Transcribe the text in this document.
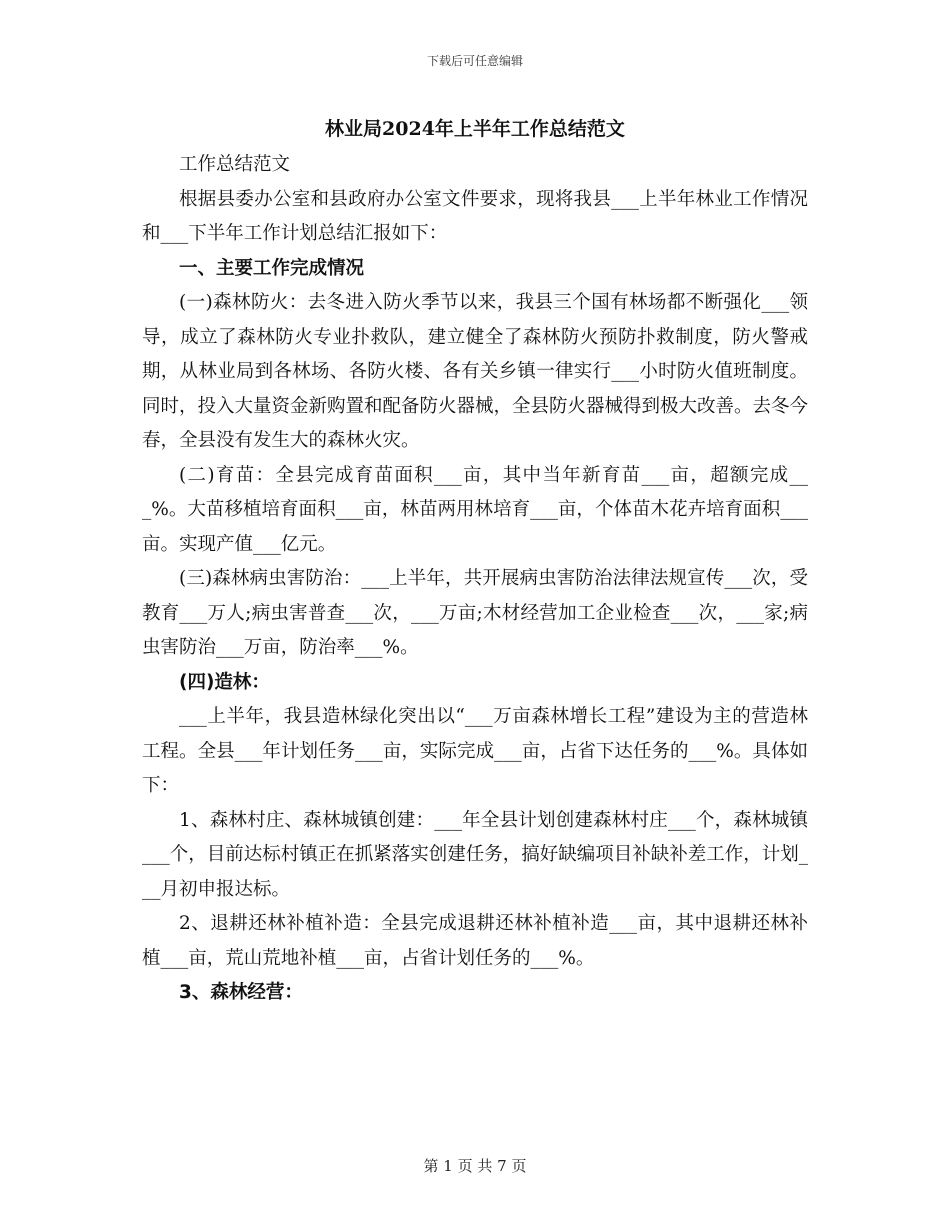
下载后可任意编辑
林业局2024年上半年工作总结范文

工作总结范文

根据县委办公室和县政府办公室文件要求，现将我县___上半年林业工作情况和___下半年工作计划总结汇报如下：

一、主要工作完成情况

(一)森林防火：去冬进入防火季节以来，我县三个国有林场都不断强化___领导，成立了森林防火专业扑救队，建立健全了森林防火预防扑救制度，防火警戒期，从林业局到各林场、各防火楼、各有关乡镇一律实行___小时防火值班制度。同时，投入大量资金新购置和配备防火器械，全县防火器械得到极大改善。去冬今春，全县没有发生大的森林火灾。

(二)育苗：全县完成育苗面积___亩，其中当年新育苗___亩，超额完成___%。大苗移植培育面积___亩，林苗两用林培育___亩，个体苗木花卉培育面积___亩。实现产值___亿元。

(三)森林病虫害防治：___上半年，共开展病虫害防治法律法规宣传___次，受教育___万人;病虫害普查___次，___万亩;木材经营加工企业检查___次，___家;病虫害防治___万亩，防治率___%。

(四)造林：

___上半年，我县造林绿化突出以“___万亩森林增长工程”建设为主的营造林工程。全县___年计划任务___亩，实际完成___亩，占省下达任务的___%。具体如下：

1、森林村庄、森林城镇创建：___年全县计划创建森林村庄___个，森林城镇___个，目前达标村镇正在抓紧落实创建任务，搞好缺编项目补缺补差工作，计划___月初申报达标。

2、退耕还林补植补造：全县完成退耕还林补植补造___亩，其中退耕还林补植___亩，荒山荒地补植___亩，占省计划任务的___%。

3、森林经营：

第 1 页 共 7 页
